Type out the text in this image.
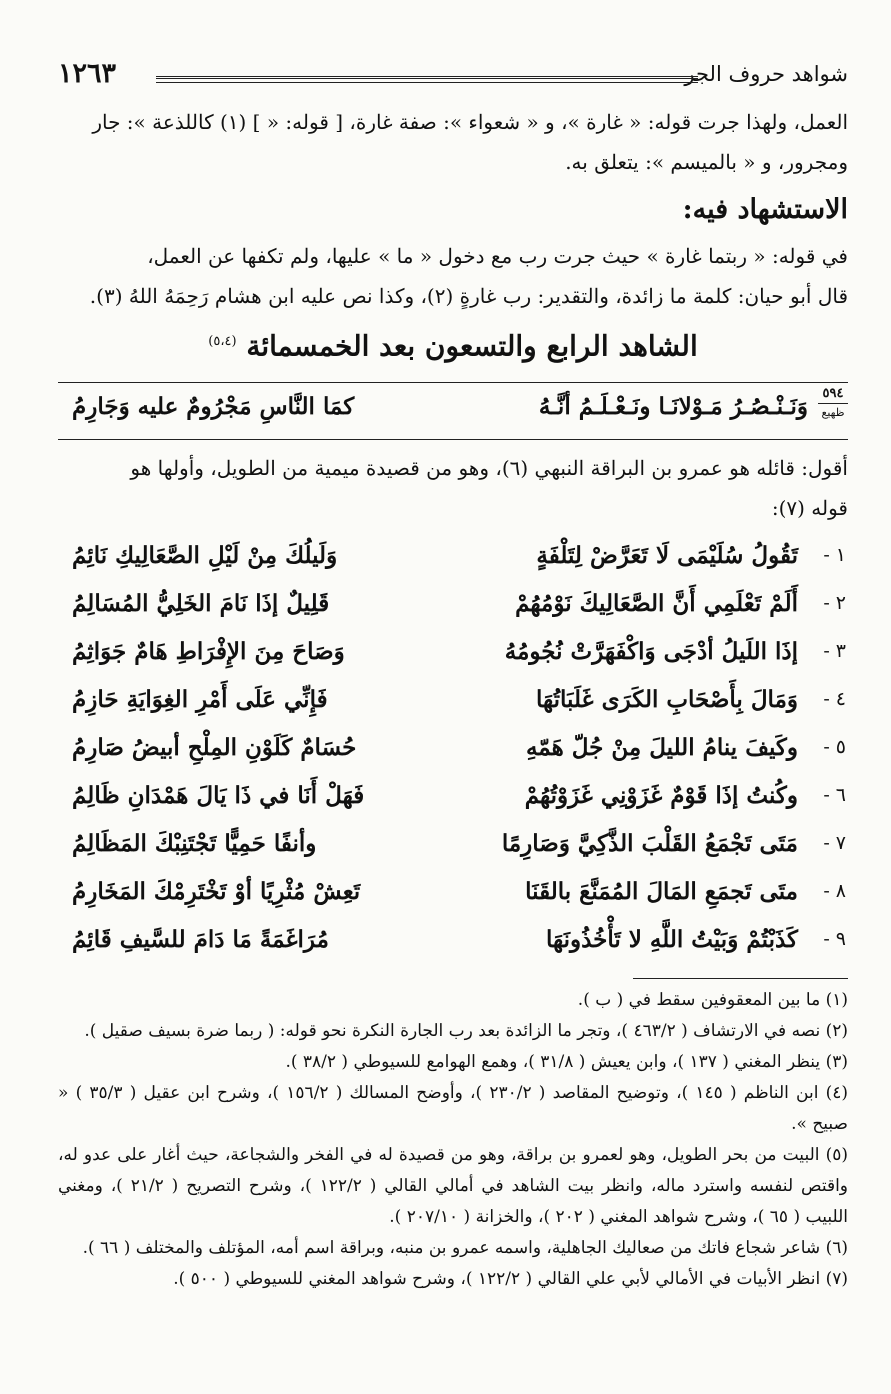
شواهد حروف الجر
١٢٦٣

العمل، ولهذا جرت قوله: « غارة »، و « شعواء »: صفة غارة، [ قوله: « ] (١) كاللذعة »: جار

ومجرور، و « بالميسم »: يتعلق به.

الاستشهاد فيه:

في قوله: « ربتما غارة » حيث جرت رب مع دخول « ما » عليها، ولم تكفها عن العمل،

قال أبو حيان: كلمة ما زائدة، والتقدير: رب غارةٍ (٢)، وكذا نص عليه ابن هشام رَحِمَهُ اللهُ (٣).

الشاهد الرابع والتسعون بعد الخمسمائة $^{(٥،٤)}$
٥٩٤
ظهيع
وَنَـنْـصُـرُ مَـوْلانَـا ونَـعْـلَـمُ أنَّـهُ
كمَا النَّاسِ مَجْرُومٌ عليه وَجَارِمُ

أقول: قائله هو عمرو بن البراقة النبهي (٦)، وهو من قصيدة ميمية من الطويل، وأولها هو

قوله (٧):

١ -
تَقُولُ سُلَيْمَى لَا تَعَرَّضْ لِتَلْفَةٍ
وَلَيلُكَ مِنْ لَيْلِ الصَّعَالِيكِ نَائِمُ
٢ -
أَلَمْ تَعْلَمِي أَنَّ الصَّعَالِيكَ نَوْمُهُمْ
قَلِيلٌ إذَا نَامَ الخَلِيُّ المُسَالِمُ
٣ -
إذَا اللَيلُ أدْجَى وَاكْفَهَرَّتْ نُجُومُهُ
وَصَاحَ مِنَ الإِفْرَاطِ هَامٌ جَوَاثِمُ
٤ -
وَمَالَ بِأَصْحَابِ الكَرَى غَلَبَاتُهَا
فَإِنِّي عَلَى أَمْرِ الغِوَايَةِ حَازِمُ
٥ -
وكَيفَ ينامُ الليلَ مِنْ جُلّ هَمّهِ
حُسَامٌ كَلَوْنِ المِلْحِ أبيضُ صَارِمُ
٦ -
وكُنتُ إذَا قَوْمٌ غَزَوْنِي غَزَوْتُهُمْ
فَهَلْ أَنَا في ذَا يَالَ هَمْدَانِ ظَالِمُ
٧ -
مَتَى تَجْمَعُ القَلْبَ الذَّكِيَّ وَصَارِمًا
وأنفًا حَمِيًّا تَجْتَنِبْكَ المَظَالِمُ
٨ -
متَى تَجمَعِ المَالَ المُمَنَّعَ بالقَنَا
تَعِشْ مُثْرِيًا أوْ تَخْتَرِمْكَ المَخَارِمُ
٩ -
كَذَبْتُمْ وَبَيْتُ اللَّهِ لا تَأْخُذُونَهَا
مُرَاغَمَةً مَا دَامَ للسَّيفِ قَائِمُ

(١) ما بين المعقوفين سقط في ( ب ).

(٢) نصه في الارتشاف ( ٤٦٣/٢ )، وتجر ما الزائدة بعد رب الجارة النكرة نحو قوله: ( ربما ضرة بسيف صقيل ).

(٣) ينظر المغني ( ١٣٧ )، وابن يعيش ( ٣١/٨ )، وهمع الهوامع للسيوطي ( ٣٨/٢ ).

(٤) ابن الناظم ( ١٤٥ )، وتوضيح المقاصد ( ٢٣٠/٢ )، وأوضح المسالك ( ١٥٦/٢ )، وشرح ابن عقيل ( ٣٥/٣ ) « صبيح ».

(٥) البيت من بحر الطويل، وهو لعمرو بن براقة، وهو من قصيدة له في الفخر والشجاعة، حيث أغار على عدو له، واقتص لنفسه واسترد ماله، وانظر بيت الشاهد في أمالي القالي ( ١٢٢/٢ )، وشرح التصريح ( ٢١/٢ )، ومغني اللبيب ( ٦٥ )، وشرح شواهد المغني ( ٢٠٢ )، والخزانة ( ٢٠٧/١٠ ).

(٦) شاعر شجاع فاتك من صعاليك الجاهلية، واسمه عمرو بن منبه، وبراقة اسم أمه، المؤتلف والمختلف ( ٦٦ ).

(٧) انظر الأبيات في الأمالي لأبي علي القالي ( ١٢٢/٢ )، وشرح شواهد المغني للسيوطي ( ٥٠٠ ).
